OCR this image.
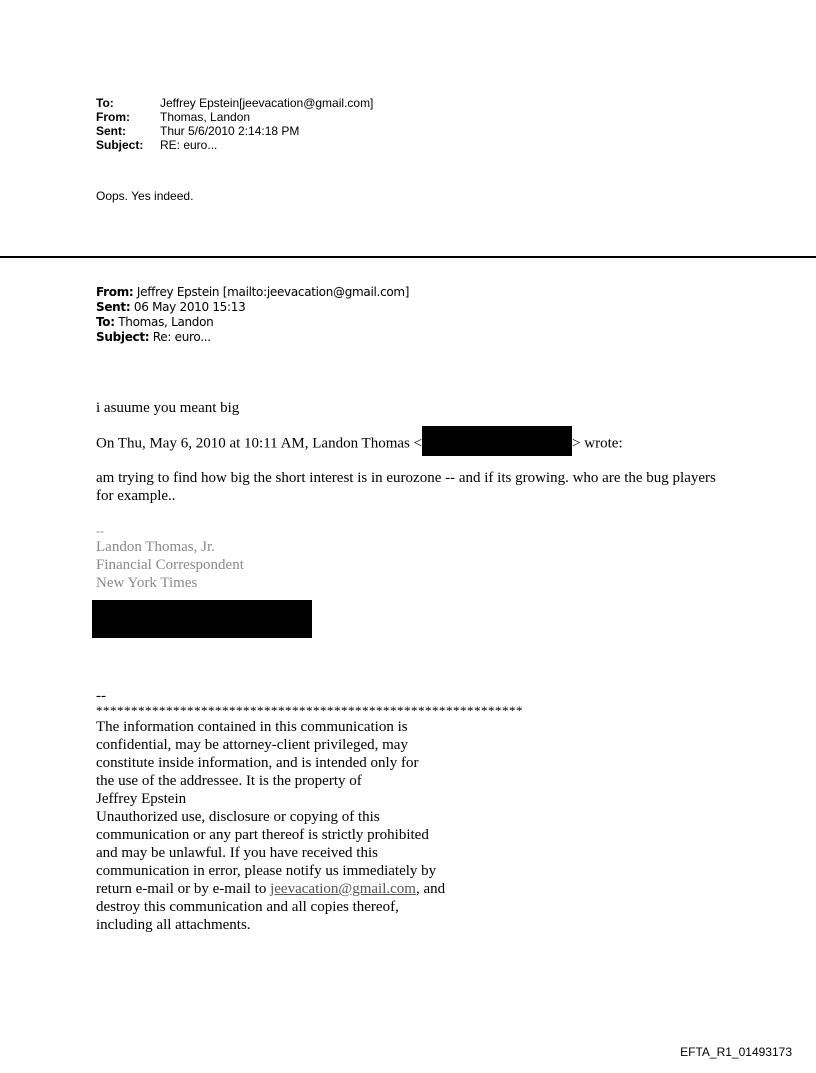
To:	Jeffrey Epstein[jeevacation@gmail.com]
From:	Thomas, Landon
Sent:	Thur 5/6/2010 2:14:18 PM
Subject:	RE: euro...
Oops. Yes indeed.
From: Jeffrey Epstein [mailto:jeevacation@gmail.com]
Sent: 06 May 2010 15:13
To: Thomas, Landon
Subject: Re: euro...
i asuume you meant big
On Thu, May 6, 2010 at 10:11 AM, Landon Thomas <	> wrote:
am trying to find how big the short interest is in eurozone -- and if its growing. who are the bug players for example..
--
Landon Thomas, Jr.
Financial Correspondent
New York Times
--
*************************************************************
The information contained in this communication is
confidential, may be attorney-client privileged, may
constitute inside information, and is intended only for
the use of the addressee. It is the property of
Jeffrey Epstein
Unauthorized use, disclosure or copying of this
communication or any part thereof is strictly prohibited
and may be unlawful. If you have received this
communication in error, please notify us immediately by
return e-mail or by e-mail to jeevacation@gmail.com, and
destroy this communication and all copies thereof,
including all attachments.
EFTA_R1_01493173
